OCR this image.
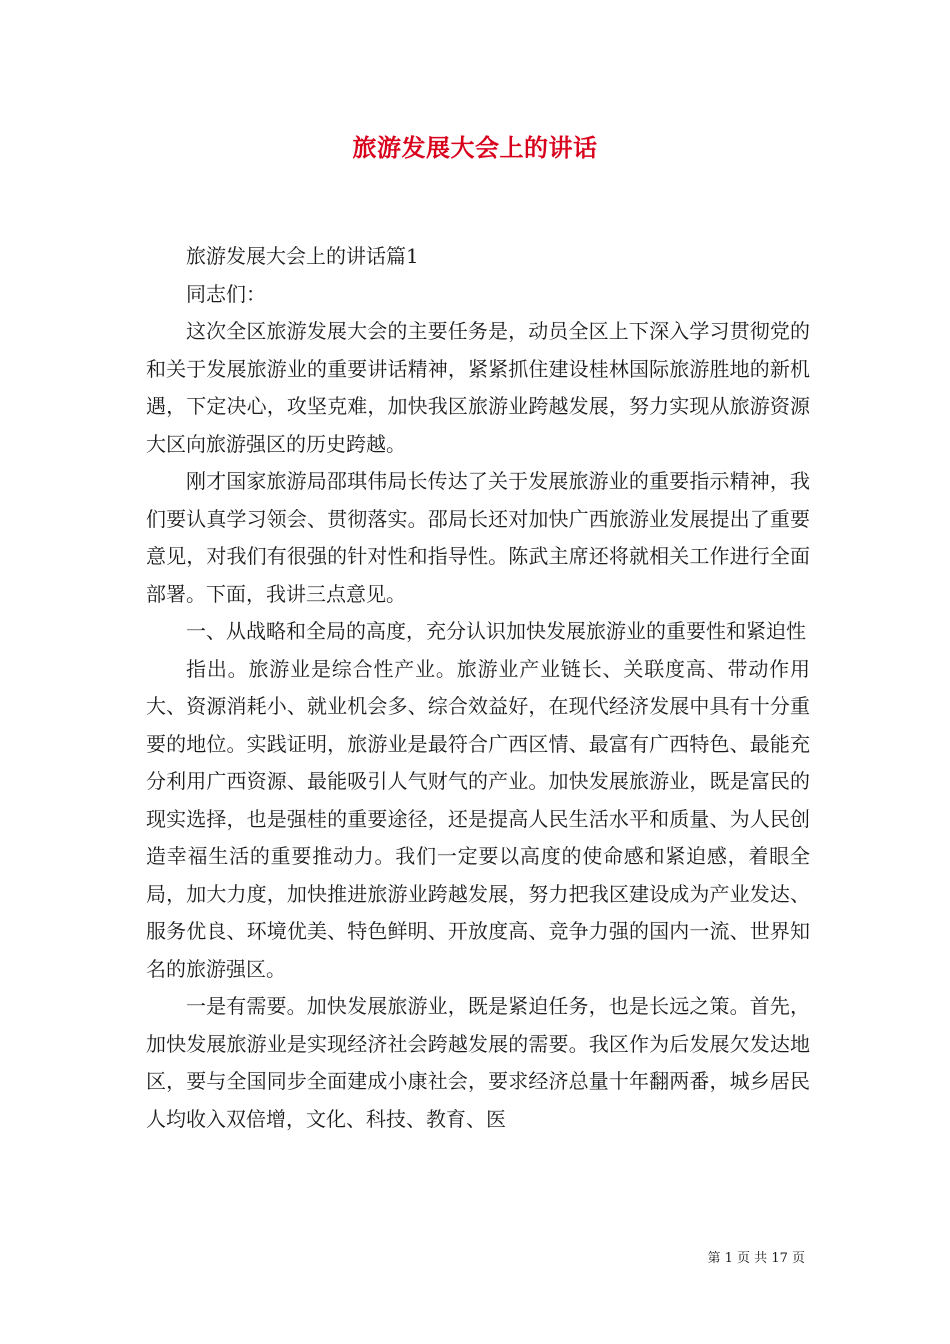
旅游发展大会上的讲话

旅游发展大会上的讲话篇1

同志们：

这次全区旅游发展大会的主要任务是，动员全区上下深入学习贯彻党的和关于发展旅游业的重要讲话精神，紧紧抓住建设桂林国际旅游胜地的新机遇，下定决心，攻坚克难，加快我区旅游业跨越发展，努力实现从旅游资源大区向旅游强区的历史跨越。

刚才国家旅游局邵琪伟局长传达了关于发展旅游业的重要指示精神，我们要认真学习领会、贯彻落实。邵局长还对加快广西旅游业发展提出了重要意见，对我们有很强的针对性和指导性。陈武主席还将就相关工作进行全面部署。下面，我讲三点意见。

一、从战略和全局的高度，充分认识加快发展旅游业的重要性和紧迫性

指出。旅游业是综合性产业。旅游业产业链长、关联度高、带动作用大、资源消耗小、就业机会多、综合效益好，在现代经济发展中具有十分重要的地位。实践证明，旅游业是最符合广西区情、最富有广西特色、最能充分利用广西资源、最能吸引人气财气的产业。加快发展旅游业，既是富民的现实选择，也是强桂的重要途径，还是提高人民生活水平和质量、为人民创造幸福生活的重要推动力。我们一定要以高度的使命感和紧迫感，着眼全局，加大力度，加快推进旅游业跨越发展，努力把我区建设成为产业发达、服务优良、环境优美、特色鲜明、开放度高、竞争力强的国内一流、世界知名的旅游强区。

一是有需要。加快发展旅游业，既是紧迫任务，也是长远之策。首先，加快发展旅游业是实现经济社会跨越发展的需要。我区作为后发展欠发达地区，要与全国同步全面建成小康社会，要求经济总量十年翻两番，城乡居民人均收入双倍增，文化、科技、教育、医

第 1 页 共 17 页
